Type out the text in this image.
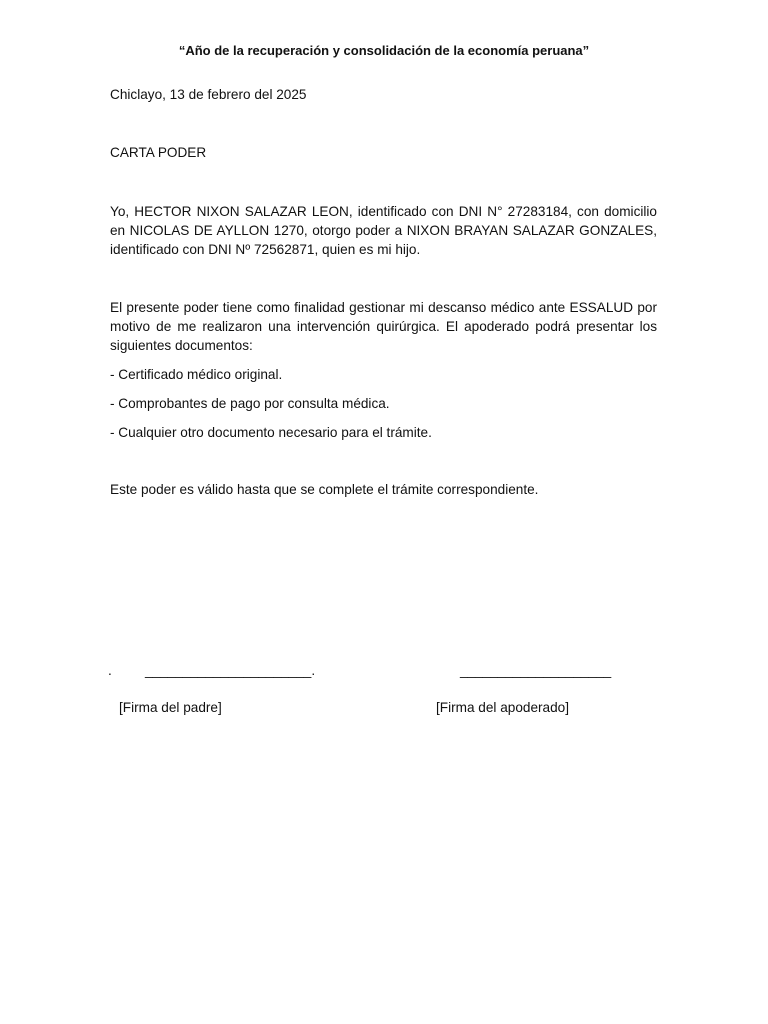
“Año de la recuperación y consolidación de la economía peruana”
Chiclayo, 13 de febrero del 2025
CARTA PODER
Yo, HECTOR NIXON SALAZAR LEON, identificado con DNI N° 27283184, con domicilio en NICOLAS DE AYLLON 1270, otorgo poder a NIXON BRAYAN SALAZAR GONZALES, identificado con DNI Nº 72562871, quien es mi hijo.
El presente poder tiene como finalidad gestionar mi descanso médico ante ESSALUD por motivo de me realizaron una intervención quirúrgica. El apoderado podrá presentar los siguientes documentos:
- Certificado médico original.
- Comprobantes de pago por consulta médica.
- Cualquier otro documento necesario para el trámite.
Este poder es válido hasta que se complete el trámite correspondiente.
. ______________________.	____________________
[Firma del padre]	[Firma del apoderado]
